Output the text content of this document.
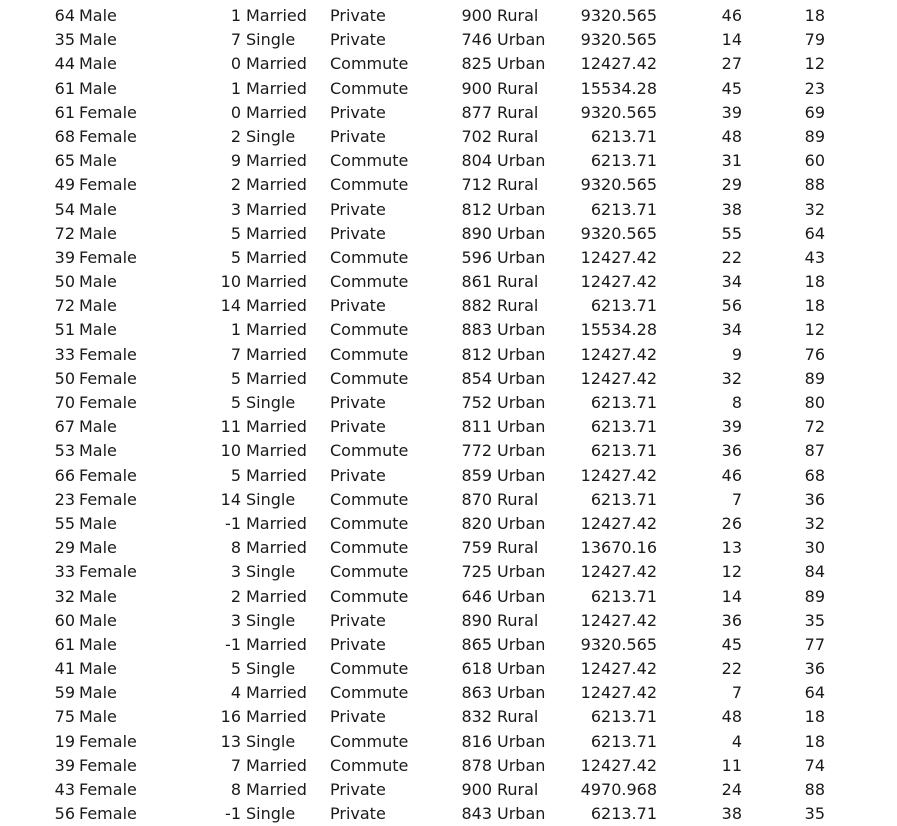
64 Male	1 Married Private	900 Rural	9320.565	46	18
35 Male	7 Single Private	746 Urban 9320.565	14	79
44 Male	0 Married Commute	825 Urban 12427.42	27	12
61 Male	1 Married Commute	900 Rural	15534.28	45	23
61 Female	0 Married Private	877 Rural	9320.565	39	69
68 Female	2 Single Private	702 Rural	6213.71	48	89
65 Male	9 Married Commute	804 Urban	6213.71	31	60
49 Female	2 Married Commute	712 Rural	9320.565	29	88
54 Male	3 Married Private	812 Urban	6213.71	38	32
72 Male	5 Married Private	890 Urban 9320.565	55	64
39 Female	5 Married Commute	596 Urban 12427.42	22	43
50 Male	10 Married Commute	861 Rural	12427.42	34	18
72 Male	14 Married Private	882 Rural	6213.71	56	18
51 Male	1 Married Commute	883 Urban 15534.28	34	12
33 Female	7 Married Commute	812 Urban 12427.42	9	76
50 Female	5 Married Commute	854 Urban 12427.42	32	89
70 Female	5 Single Private	752 Urban	6213.71	8	80
67 Male	11 Married Private	811 Urban	6213.71	39	72
53 Male	10 Married Commute	772 Urban	6213.71	36	87
66 Female	5 Married Private	859 Urban 12427.42	46	68
23 Female	14 Single Commute	870 Rural	6213.71	7	36
55 Male	-1 Married Commute	820 Urban 12427.42	26	32
29 Male	8 Married Commute	759 Rural	13670.16	13	30
33 Female	3 Single Commute	725 Urban 12427.42	12	84
32 Male	2 Married Commute	646 Urban	6213.71	14	89
60 Male	3 Single Private	890 Rural	12427.42	36	35
61 Male	-1 Married Private	865 Urban 9320.565	45	77
41 Male	5 Single Commute	618 Urban 12427.42	22	36
59 Male	4 Married Commute	863 Urban 12427.42	7	64
75 Male	16 Married Private	832 Rural	6213.71	48	18
19 Female	13 Single Commute	816 Urban	6213.71	4	18
39 Female	7 Married Commute	878 Urban 12427.42	11	74
43 Female	8 Married Private	900 Rural	4970.968	24	88
56 Female	-1 Single Private	843 Urban	6213.71	38	35
